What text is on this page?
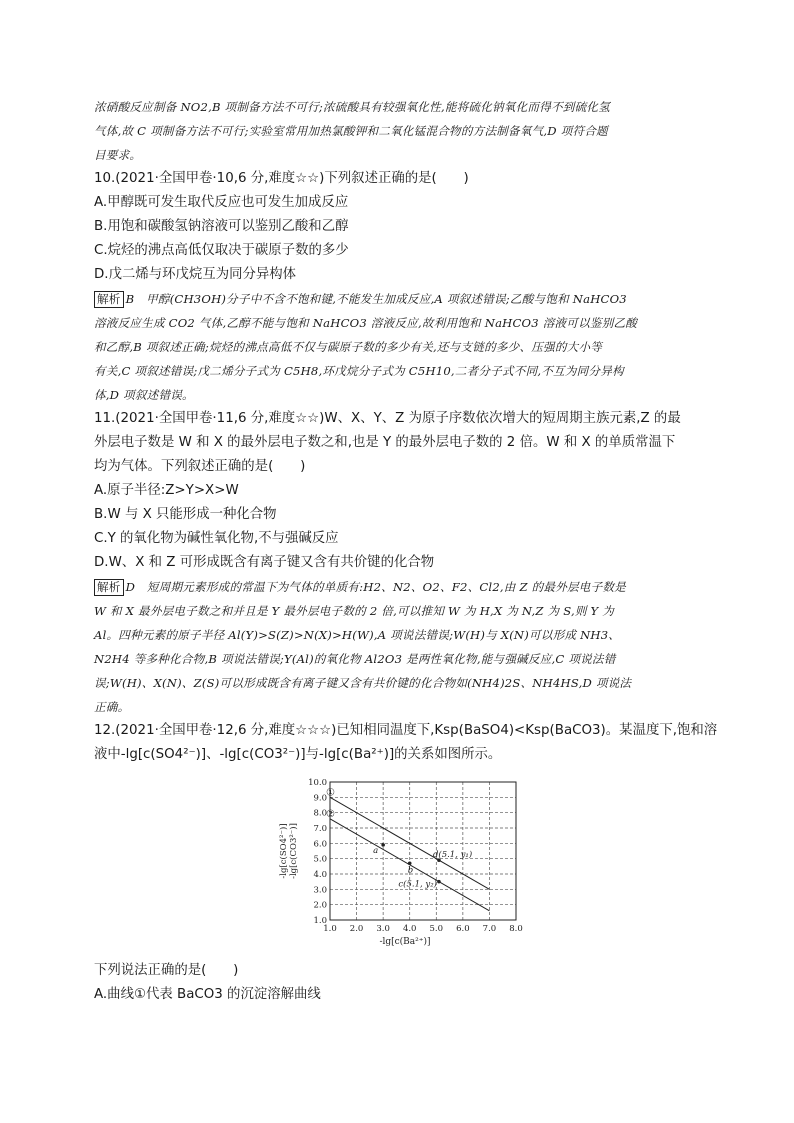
浓硝酸反应制备 NO2,B 项制备方法不可行;浓硫酸具有较强氧化性,能将硫化钠氧化而得不到硫化氢
气体,故 C 项制备方法不可行;实验室常用加热氯酸钾和二氧化锰混合物的方法制备氧气,D 项符合题
目要求。
10.(2021·全国甲卷·10,6 分,难度☆☆)下列叙述正确的是(　　)
A.甲醇既可发生取代反应也可发生加成反应
B.用饱和碳酸氢钠溶液可以鉴别乙酸和乙醇
C.烷烃的沸点高低仅取决于碳原子数的多少
D.戊二烯与环戊烷互为同分异构体
解析 B　甲醇(CH3OH)分子中不含不饱和键,不能发生加成反应,A 项叙述错误;乙酸与饱和 NaHCO3
溶液反应生成 CO2 气体,乙醇不能与饱和 NaHCO3 溶液反应,故利用饱和 NaHCO3 溶液可以鉴别乙酸
和乙醇,B 项叙述正确;烷烃的沸点高低不仅与碳原子数的多少有关,还与支链的多少、压强的大小等
有关,C 项叙述错误;戊二烯分子式为 C5H8,环戊烷分子式为 C5H10,二者分子式不同,不互为同分异构
体,D 项叙述错误。
11.(2021·全国甲卷·11,6 分,难度☆☆)W、X、Y、Z 为原子序数依次增大的短周期主族元素,Z 的最
外层电子数是 W 和 X 的最外层电子数之和,也是 Y 的最外层电子数的 2 倍。W 和 X 的单质常温下
均为气体。下列叙述正确的是(　　)
A.原子半径:Z>Y>X>W
B.W 与 X 只能形成一种化合物
C.Y 的氧化物为碱性氧化物,不与强碱反应
D.W、X 和 Z 可形成既含有离子键又含有共价键的化合物
解析 D　短周期元素形成的常温下为气体的单质有:H2、N2、O2、F2、Cl2,由 Z 的最外层电子数是
W 和 X 最外层电子数之和并且是 Y 最外层电子数的 2 倍,可以推知 W 为 H,X 为 N,Z 为 S,则 Y 为
Al。四种元素的原子半径 Al(Y)>S(Z)>N(X)>H(W),A 项说法错误;W(H)与 X(N)可以形成 NH3、
N2H4 等多种化合物,B 项说法错误;Y(Al)的氧化物 Al2O3 是两性氧化物,能与强碱反应,C 项说法错
误;W(H)、X(N)、Z(S)可以形成既含有离子键又含有共价键的化合物如(NH4)2S、NH4HS,D 项说法
正确。
12.(2021·全国甲卷·12,6 分,难度☆☆☆)已知相同温度下,Ksp(BaSO4)<Ksp(BaCO3)。某温度下,饱和溶
液中-lg[c(SO4²⁻)]、-lg[c(CO3²⁻)]与-lg[c(Ba²⁺)]的关系如图所示。
下列说法正确的是(　　)
A.曲线①代表 BaCO3 的沉淀溶解曲线
1.0 2.0 3.0 4.0 5.0 6.0 7.0 8.0
1.0
2.0
3.0
4.0
5.0
6.0
7.0
8.0
9.0
10.0
-lg[c(Ba²⁺)]
-lg[c(SO4²⁻)] -lg[c(CO3²⁻)]
①
②
a
b
c(5.1, y₂)
d(5.1, y₁)
